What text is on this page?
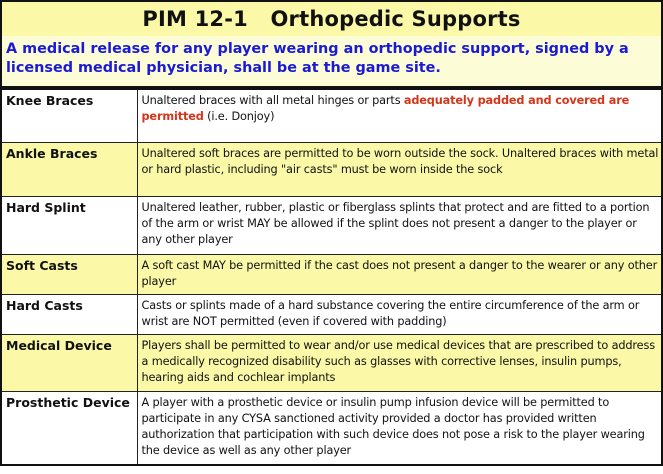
PIM 12-1   Orthopedic Supports
A medical release for any player wearing an orthopedic support, signed by a licensed medical physician, shall be at the game site.
Knee Braces	Unaltered braces with all metal hinges or parts adequately padded and covered are permitted (i.e. Donjoy)

Ankle Braces	Unaltered soft braces are permitted to be worn outside the sock. Unaltered braces with metal or hard plastic, including "air casts" must be worn inside the sock

Hard Splint	Unaltered leather, rubber, plastic or fiberglass splints that protect and are fitted to a portion of the arm or wrist MAY be allowed if the splint does not present a danger to the player or any other player

Soft Casts	A soft cast MAY be permitted if the cast does not present a danger to the wearer or any other player

Hard Casts	Casts or splints made of a hard substance covering the entire circumference of the arm or wrist are NOT permitted (even if covered with padding)

Medical Device	Players shall be permitted to wear and/or use medical devices that are prescribed to address a medically recognized disability such as glasses with corrective lenses, insulin pumps, hearing aids and cochlear implants

Prosthetic Device	A player with a prosthetic device or insulin pump infusion device will be permitted to participate in any CYSA sanctioned activity provided a doctor has provided written authorization that participation with such device does not pose a risk to the player wearing the device as well as any other player
